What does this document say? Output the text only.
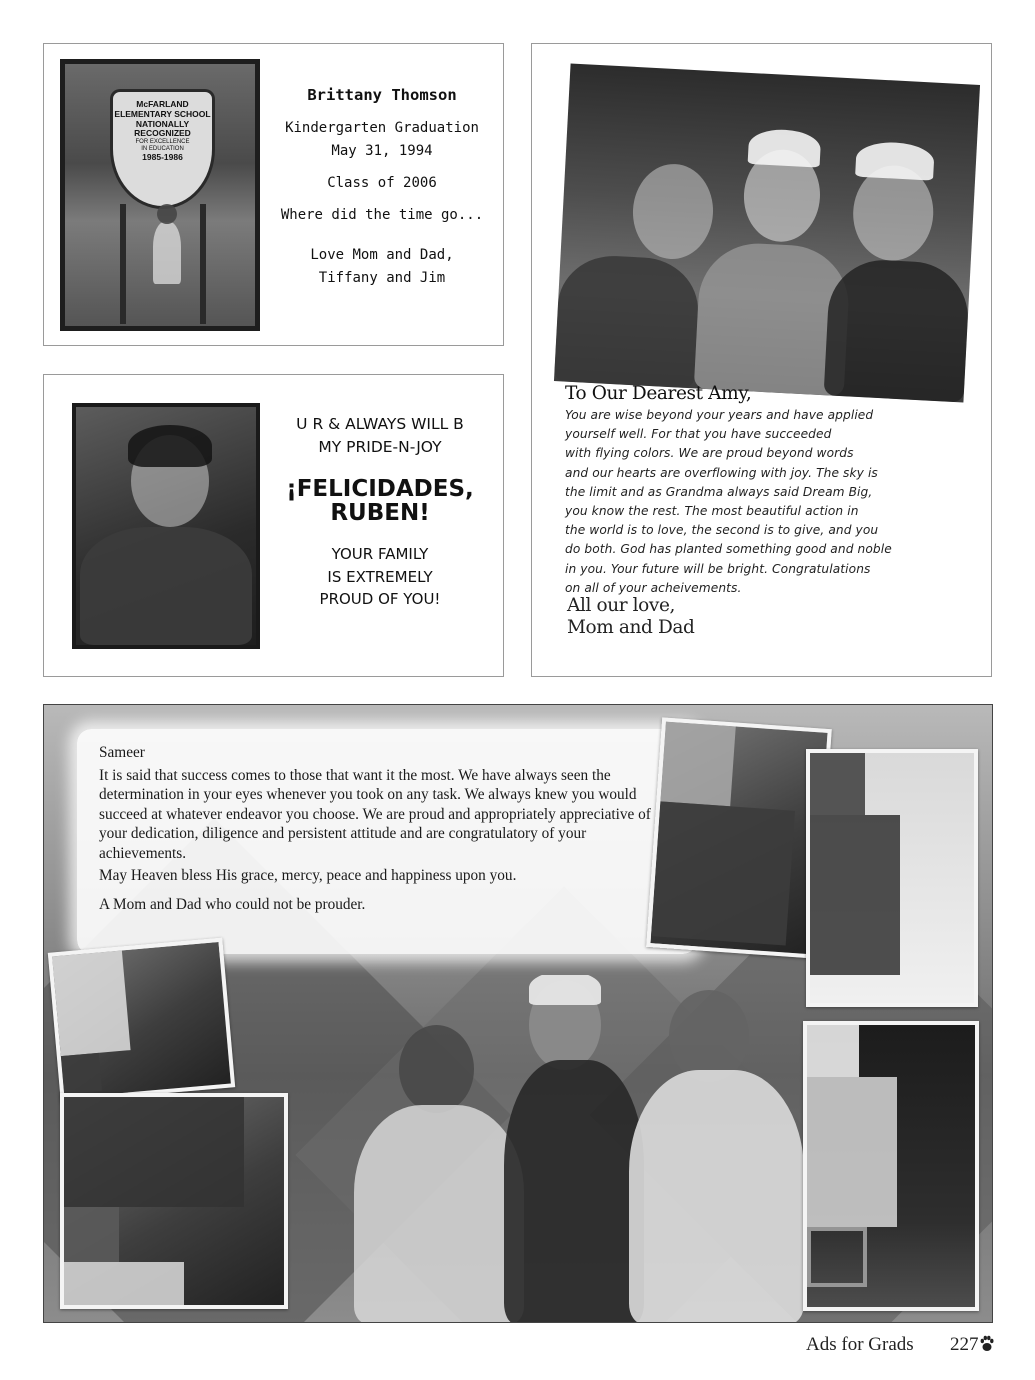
McFARLAND
ELEMENTARY SCHOOL
NATIONALLY
RECOGNIZED
FOR EXCELLENCE
IN EDUCATION
1985-1986
Brittany Thomson
Kindergarten Graduation
May 31, 1994
Class of 2006
Where did the time go...
Love Mom and Dad,
Tiffany and Jim
U R & ALWAYS WILL B
MY PRIDE-N-JOY
¡FELICIDADES,
RUBEN!
YOUR FAMILY
IS EXTREMELY
PROUD OF YOU!
To Our Dearest Amy,
You are wise beyond your years and have applied
yourself well. For that you have succeeded
with flying colors. We are proud beyond words
and our hearts are overflowing with joy. The sky is
the limit and as Grandma always said Dream Big,
you know the rest. The most beautiful action in
the world is to love, the second is to give, and you
do both. God has planted something good and noble
in you. Your future will be bright. Congratulations
on all of your acheivements.
All our love,
Mom and Dad

Sameer

It is said that success comes to those that want it the most. We have always seen the determination in your eyes whenever you took on any task. We always knew you would succeed at whatever endeavor you choose. We are proud and appropriately appreciative of your dedication, diligence and persistent attitude and are congratulatory of your achievements.

May Heaven bless His grace, mercy, peace and happiness upon you.

A Mom and Dad who could not be prouder.

Ads for Grads 227
